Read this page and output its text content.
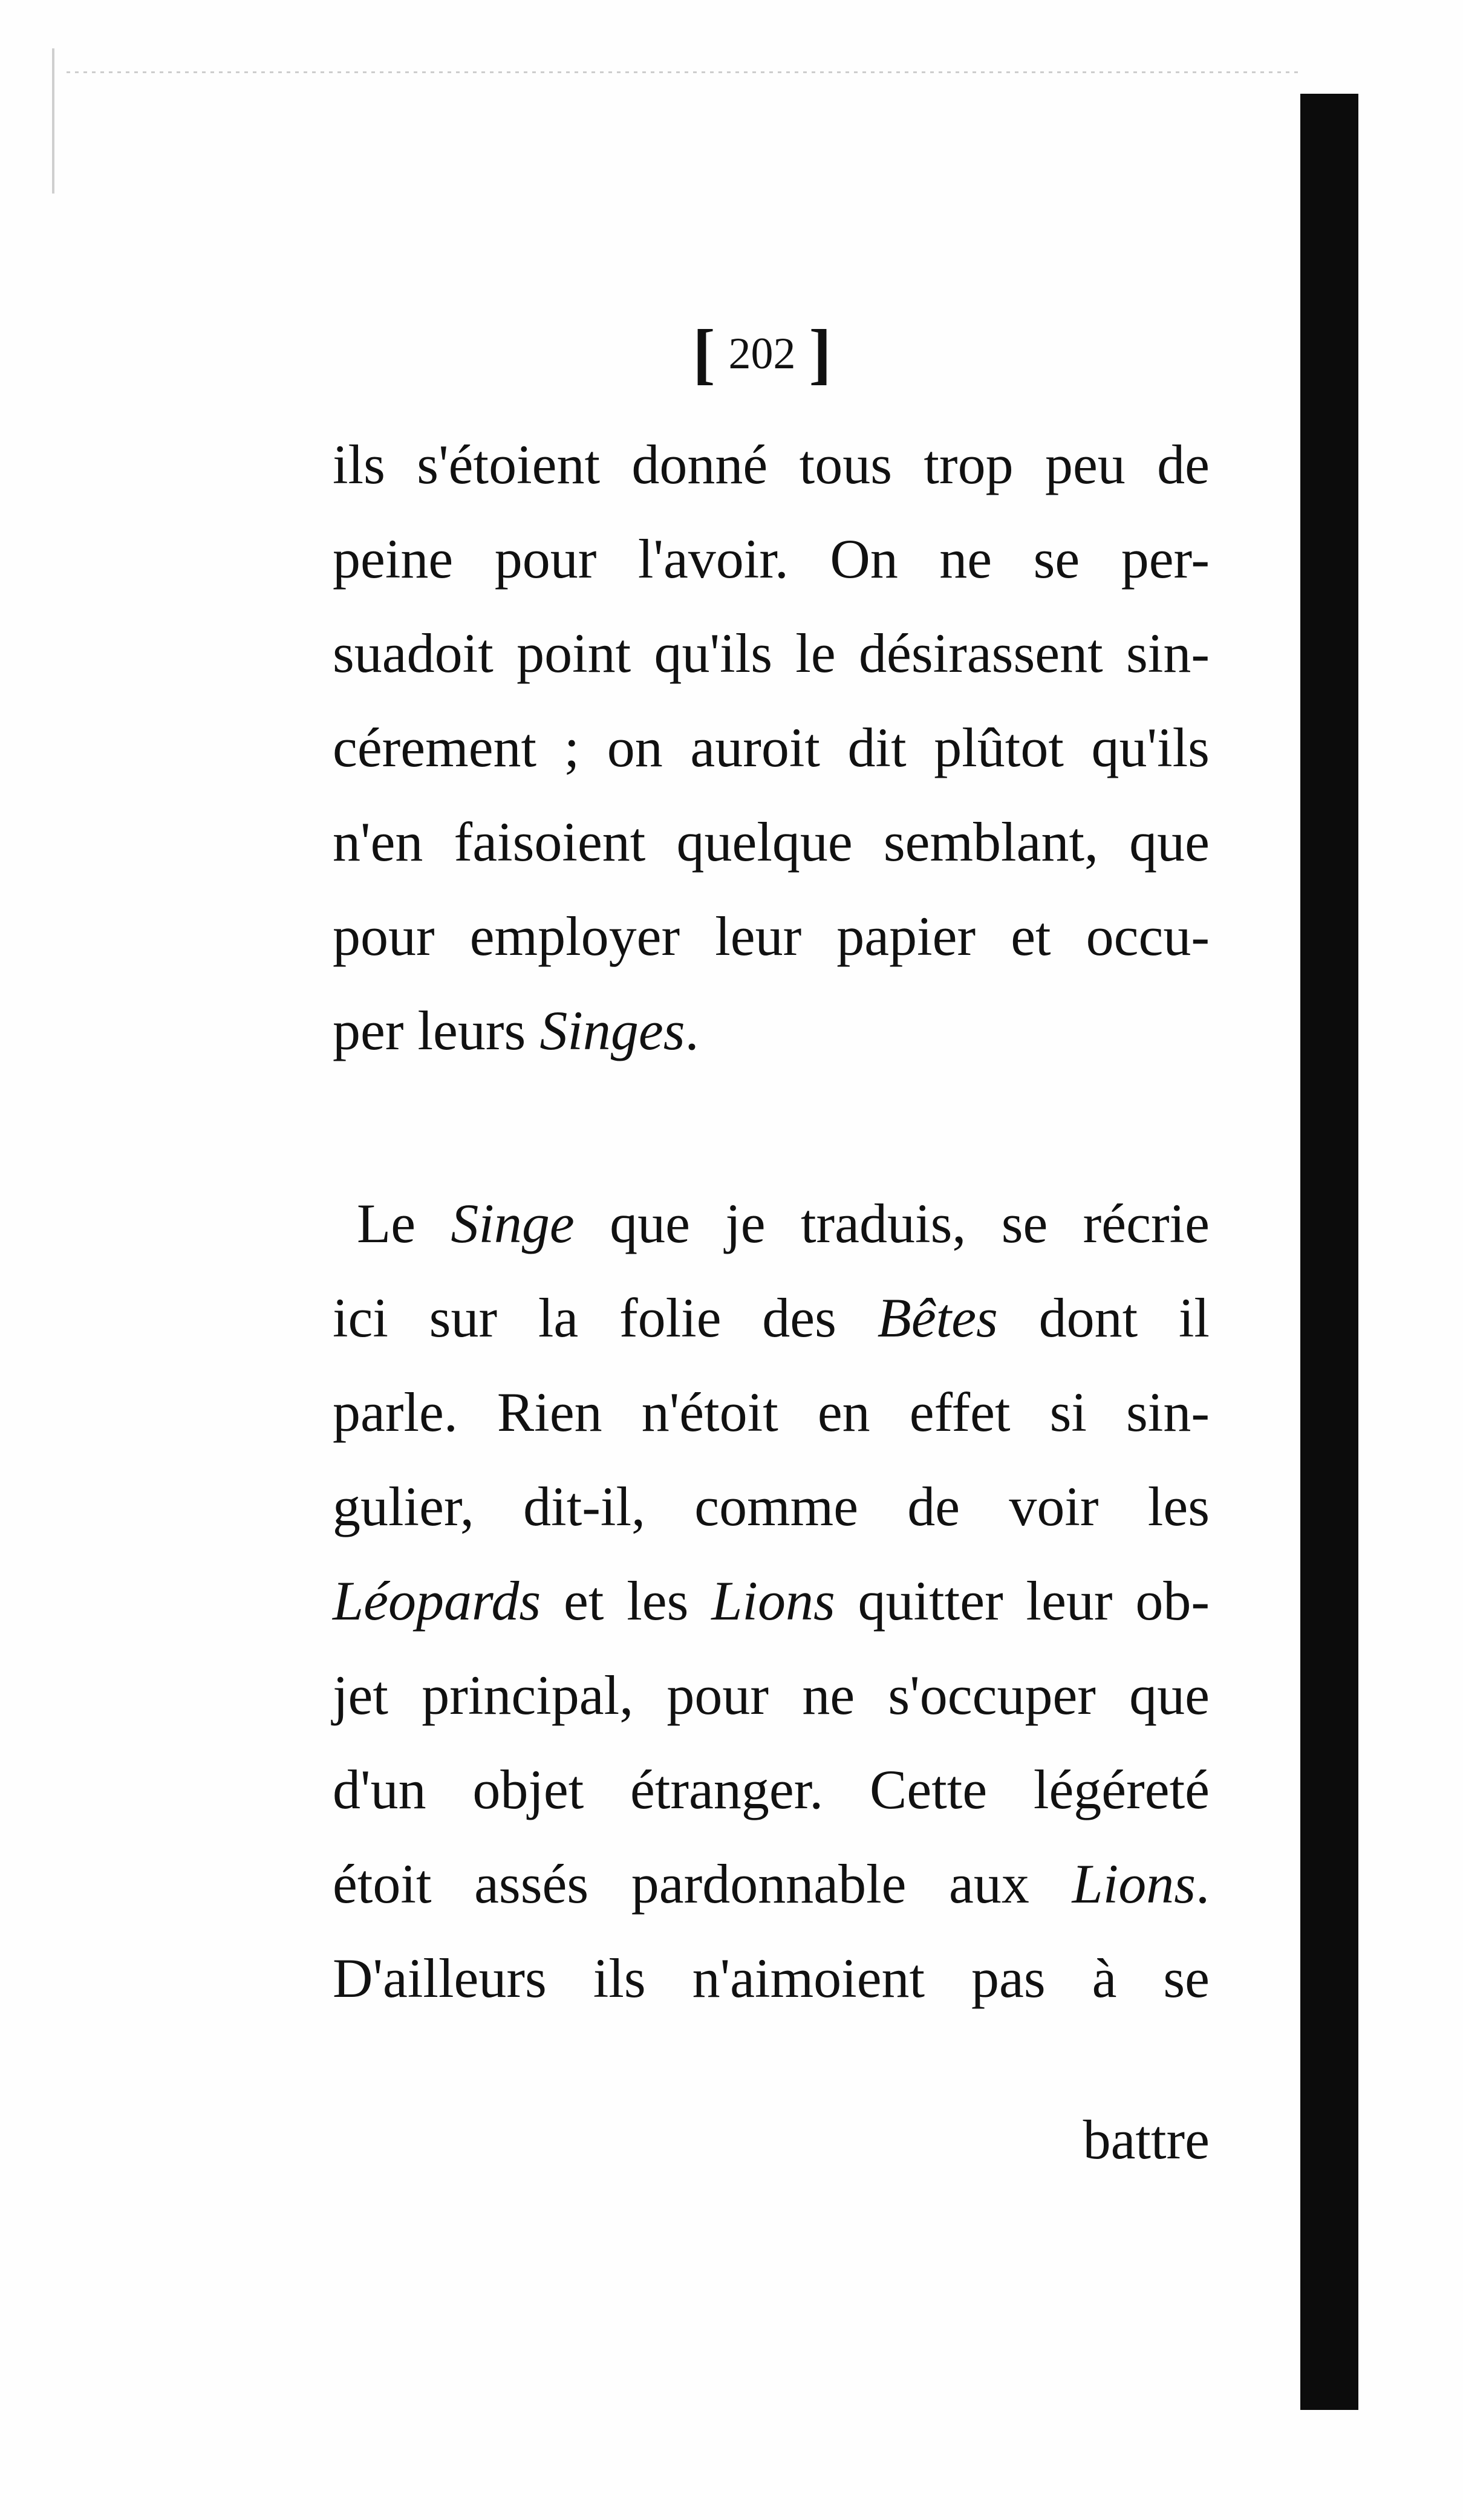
[ 202 ]
ils s'étoient donné tous trop peu de
peine pour l'avoir. On ne se per-
suadoit point qu'ils le désirassent sin-
cérement ; on auroit dit plûtot qu'ils
n'en faisoient quelque semblant, que
pour employer leur papier et occu-
per leurs Singes.
Le Singe que je traduis, se récrie
ici sur la folie des Bêtes dont il
parle. Rien n'étoit en effet si sin-
gulier, dit-il, comme de voir les
Léopards et les Lions quitter leur ob-
jet principal, pour ne s'occuper que
d'un objet étranger. Cette légéreté
étoit assés pardonnable aux Lions.
D'ailleurs ils n'aimoient pas à se
battre
